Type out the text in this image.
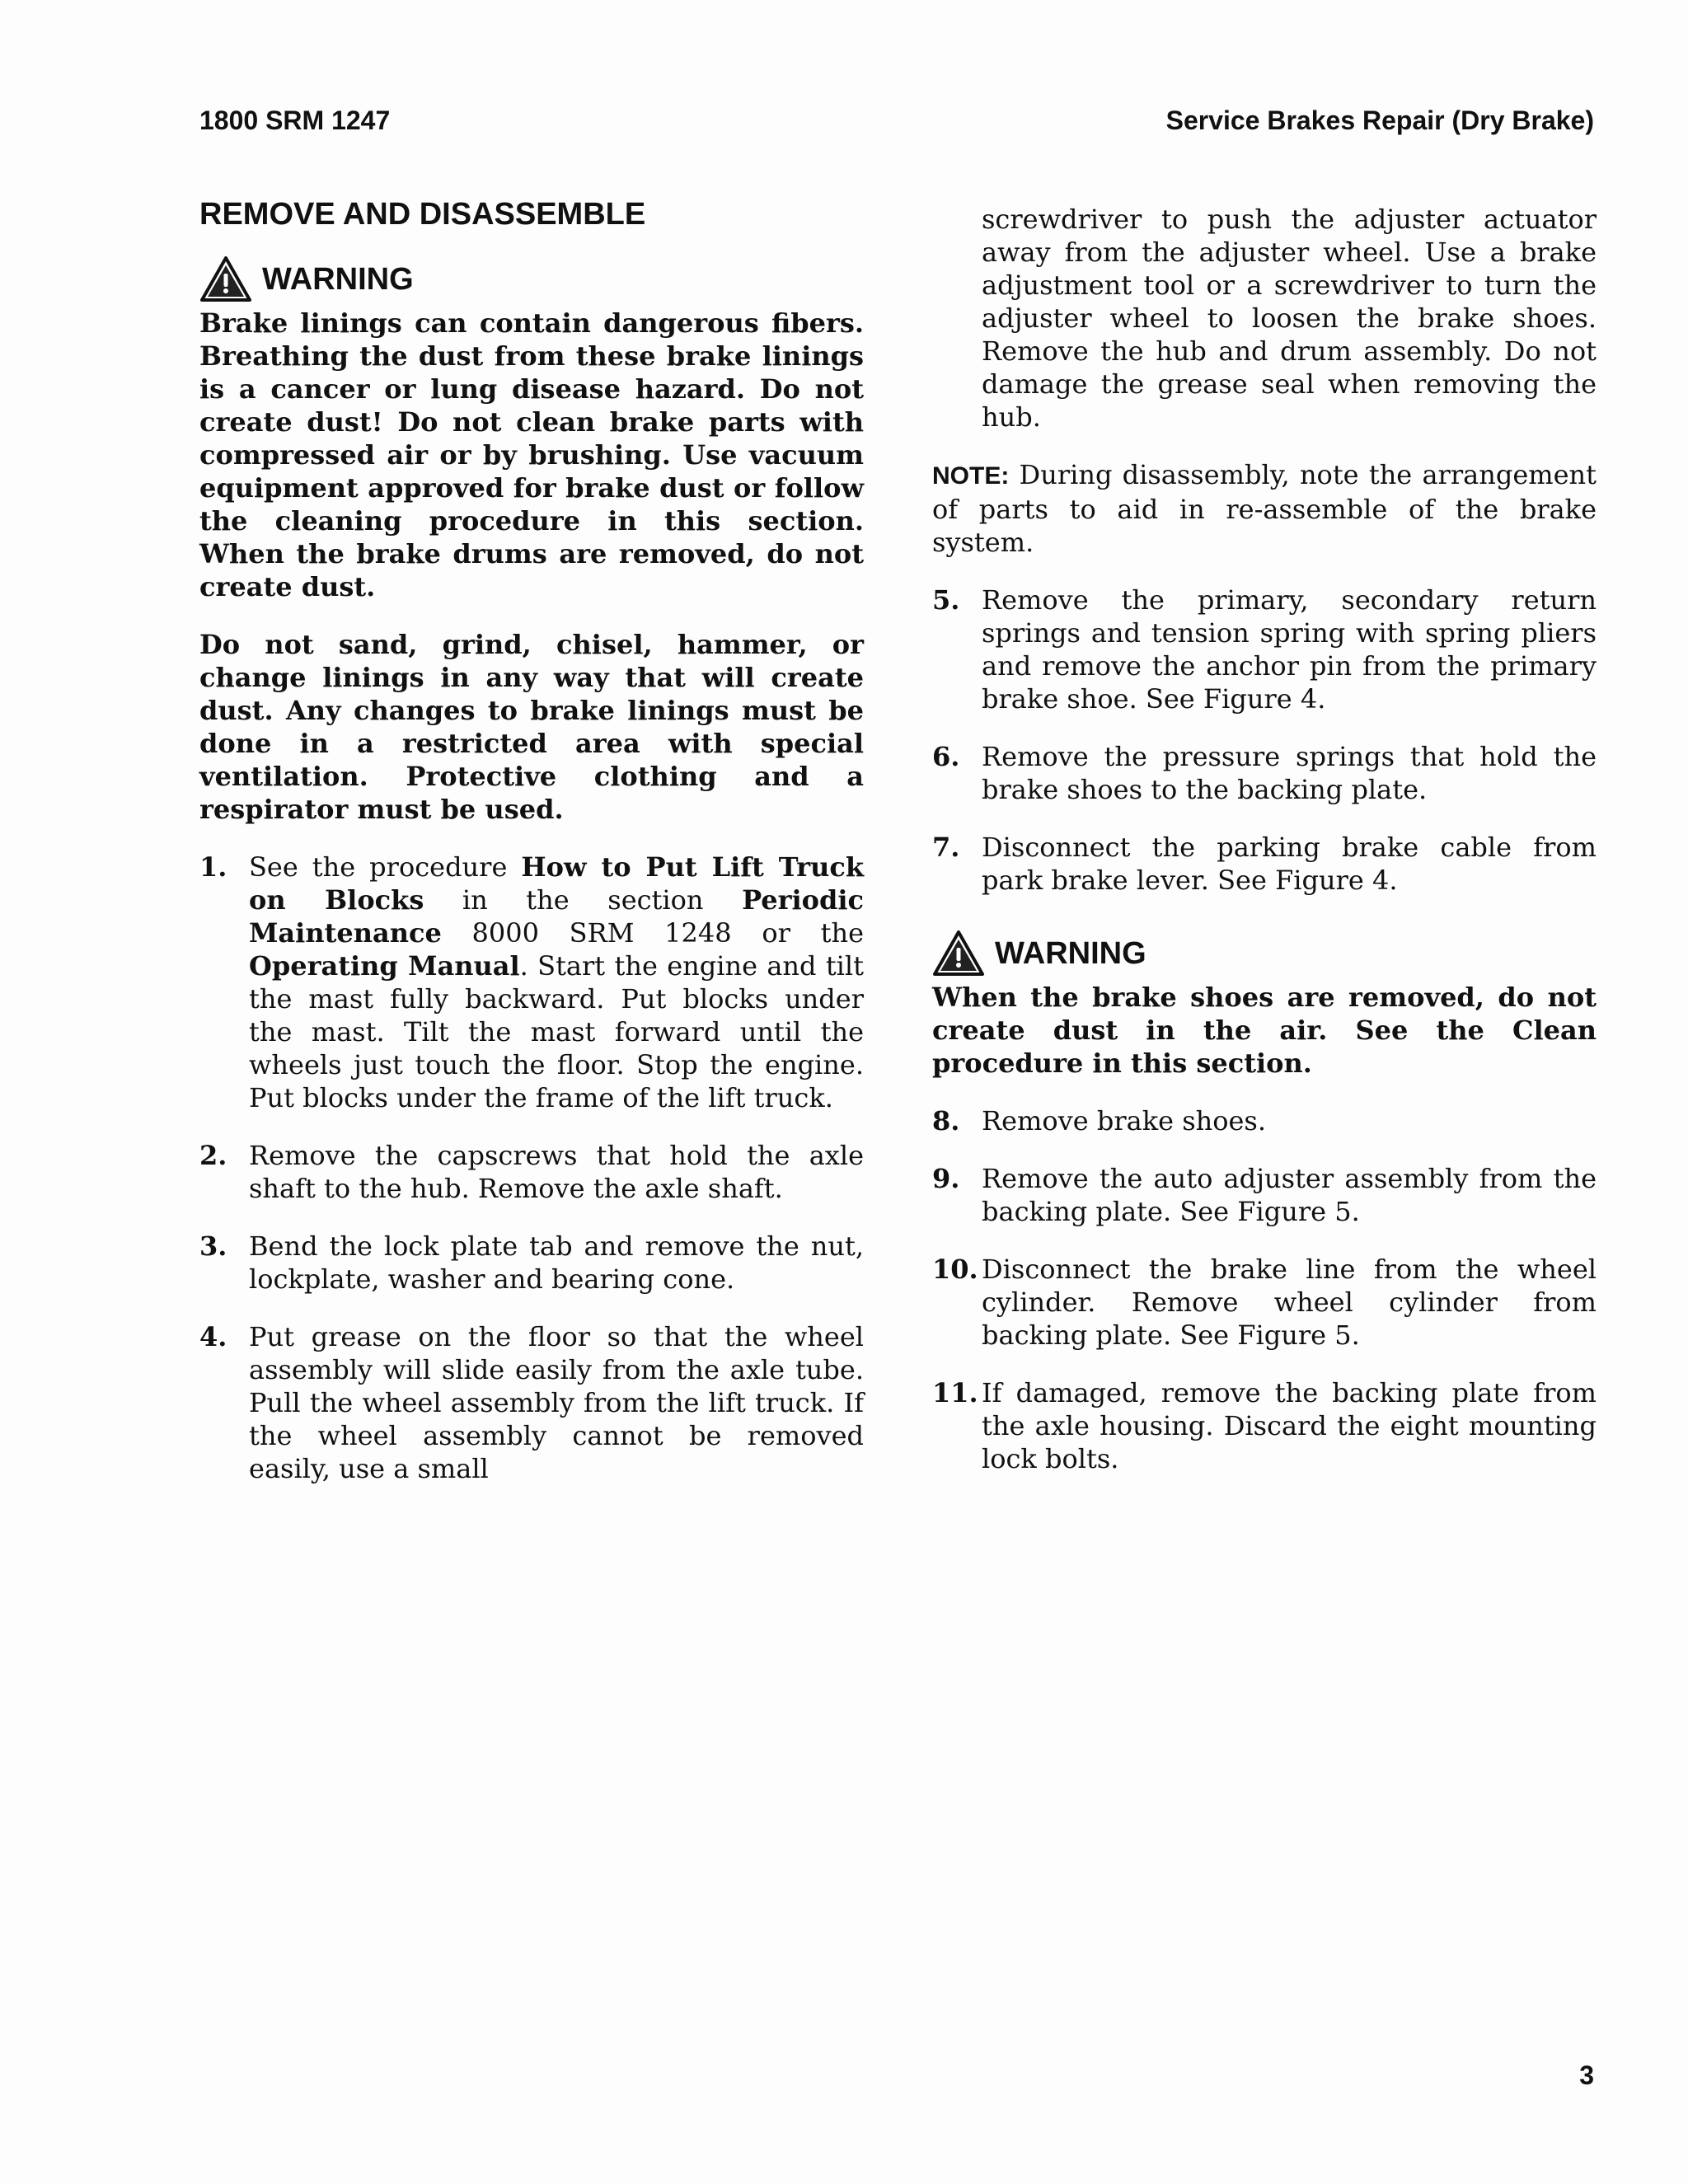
1800 SRM 1247	Service Brakes Repair (Dry Brake)
REMOVE AND DISASSEMBLE
WARNING

Brake linings can contain dangerous fibers. Breathing the dust from these brake linings is a cancer or lung disease hazard. Do not create dust! Do not clean brake parts with compressed air or by brushing. Use vacuum equipment approved for brake dust or follow the cleaning procedure in this section. When the brake drums are removed, do not create dust.

Do not sand, grind, chisel, hammer, or change linings in any way that will create dust. Any changes to brake linings must be done in a restricted area with special ventilation. Protective clothing and a respirator must be used.

1. See the procedure How to Put Lift Truck on Blocks in the section Periodic Maintenance 8000 SRM 1248 or the Operating Manual. Start the engine and tilt the mast fully backward. Put blocks under the mast. Tilt the mast forward until the wheels just touch the floor. Stop the engine. Put blocks under the frame of the lift truck.
2. Remove the capscrews that hold the axle shaft to the hub. Remove the axle shaft.
3. Bend the lock plate tab and remove the nut, lockplate, washer and bearing cone.
4. Put grease on the floor so that the wheel assembly will slide easily from the axle tube. Pull the wheel assembly from the lift truck. If the wheel assembly cannot be removed easily, use a small
screwdriver to push the adjuster actuator away from the adjuster wheel. Use a brake adjustment tool or a screwdriver to turn the adjuster wheel to loosen the brake shoes. Remove the hub and drum assembly. Do not damage the grease seal when removing the hub.
NOTE: During disassembly, note the arrangement of parts to aid in re-assemble of the brake system.
5. Remove the primary, secondary return springs and tension spring with spring pliers and remove the anchor pin from the primary brake shoe. See Figure 4.
6. Remove the pressure springs that hold the brake shoes to the backing plate.
7. Disconnect the parking brake cable from park brake lever. See Figure 4.
WARNING

When the brake shoes are removed, do not create dust in the air. See the Clean procedure in this section.

8. Remove brake shoes.
9. Remove the auto adjuster assembly from the backing plate. See Figure 5.
10. Disconnect the brake line from the wheel cylinder. Remove wheel cylinder from backing plate. See Figure 5.
11. If damaged, remove the backing plate from the axle housing. Discard the eight mounting lock bolts.
3
